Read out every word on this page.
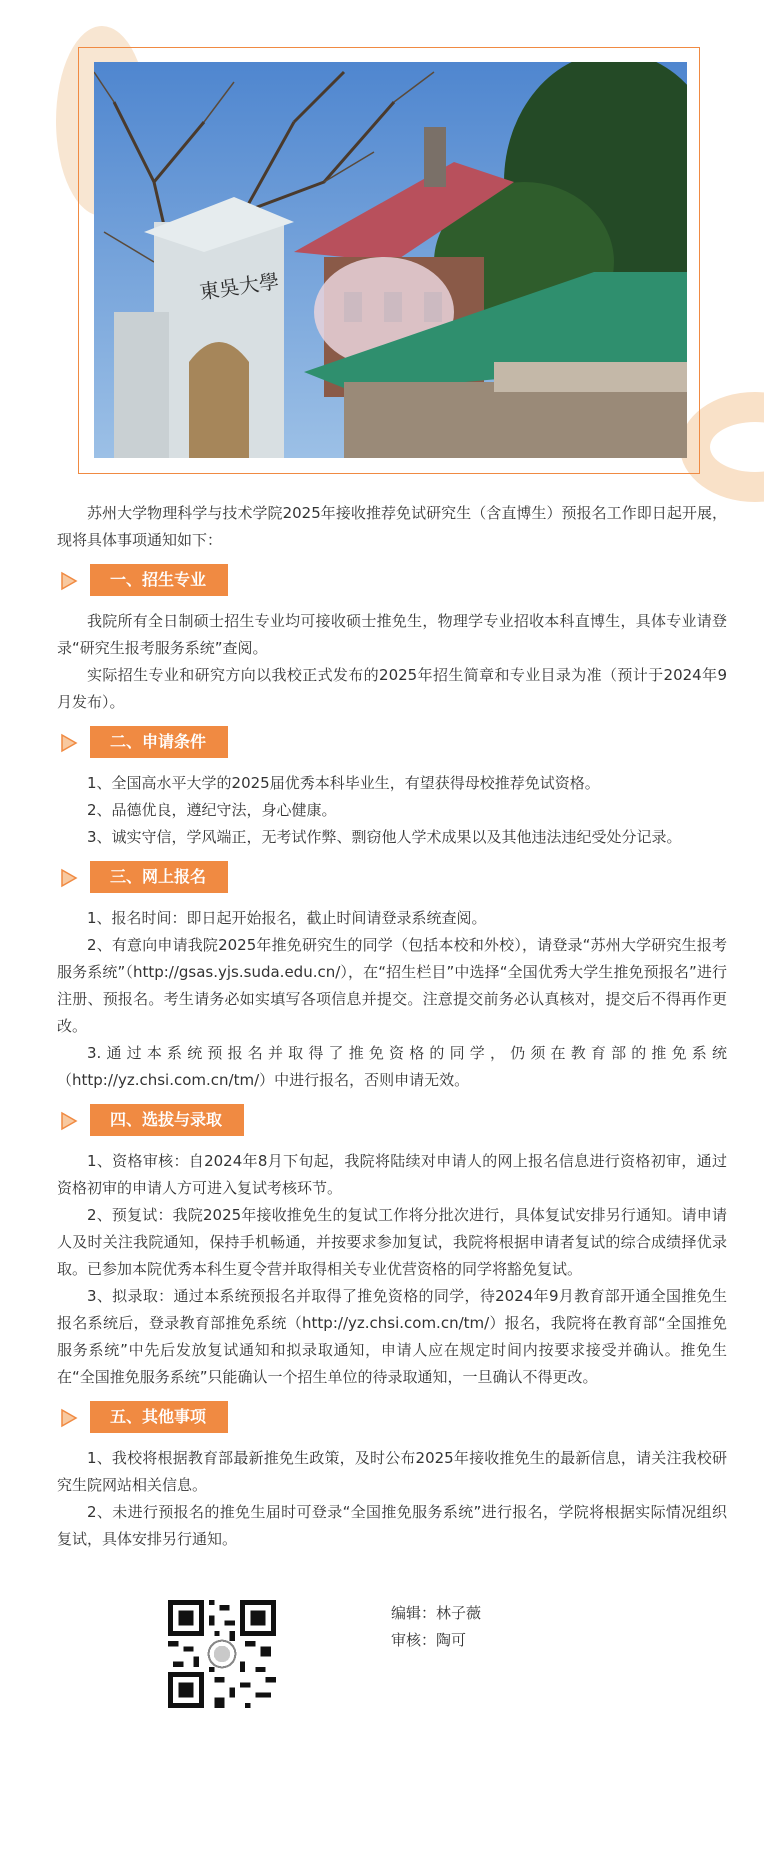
東吳大學

苏州大学物理科学与技术学院2025年接收推荐免试研究生（含直博生）预报名工作即日起开展，现将具体事项通知如下：

一、招生专业

我院所有全日制硕士招生专业均可接收硕士推免生，物理学专业招收本科直博生，具体专业请登录“研究生报考服务系统”查阅。

实际招生专业和研究方向以我校正式发布的2025年招生简章和专业目录为准（预计于2024年9月发布）。

二、申请条件

1、全国高水平大学的2025届优秀本科毕业生，有望获得母校推荐免试资格。

2、品德优良，遵纪守法，身心健康。

3、诚实守信，学风端正，无考试作弊、剽窃他人学术成果以及其他违法违纪受处分记录。

三、网上报名

1、报名时间：即日起开始报名，截止时间请登录系统查阅。

2、有意向申请我院2025年推免研究生的同学（包括本校和外校），请登录“苏州大学研究生报考服务系统”（http://gsas.yjs.suda.edu.cn/），在“招生栏目”中选择“全国优秀大学生推免预报名”进行注册、预报名。考生请务必如实填写各项信息并提交。注意提交前务必认真核对，提交后不得再作更改。

3.通过本系统预报名并取得了推免资格的同学，仍须在教育部的推免系统（http://yz.chsi.com.cn/tm/）中进行报名，否则申请无效。

四、选拔与录取

1、资格审核：自2024年8月下旬起，我院将陆续对申请人的网上报名信息进行资格初审，通过资格初审的申请人方可进入复试考核环节。

2、预复试：我院2025年接收推免生的复试工作将分批次进行，具体复试安排另行通知。请申请人及时关注我院通知，保持手机畅通，并按要求参加复试，我院将根据申请者复试的综合成绩择优录取。已参加本院优秀本科生夏令营并取得相关专业优营资格的同学将豁免复试。

3、拟录取：通过本系统预报名并取得了推免资格的同学，待2024年9月教育部开通全国推免生报名系统后，登录教育部推免系统（http://yz.chsi.com.cn/tm/）报名，我院将在教育部“全国推免服务系统”中先后发放复试通知和拟录取通知，申请人应在规定时间内按要求接受并确认。推免生在“全国推免服务系统”只能确认一个招生单位的待录取通知，一旦确认不得更改。

五、其他事项

1、我校将根据教育部最新推免生政策，及时公布2025年接收推免生的最新信息，请关注我校研究生院网站相关信息。

2、未进行预报名的推免生届时可登录“全国推免服务系统”进行报名，学院将根据实际情况组织复试，具体安排另行通知。

编辑：林子薇
审核：陶可
